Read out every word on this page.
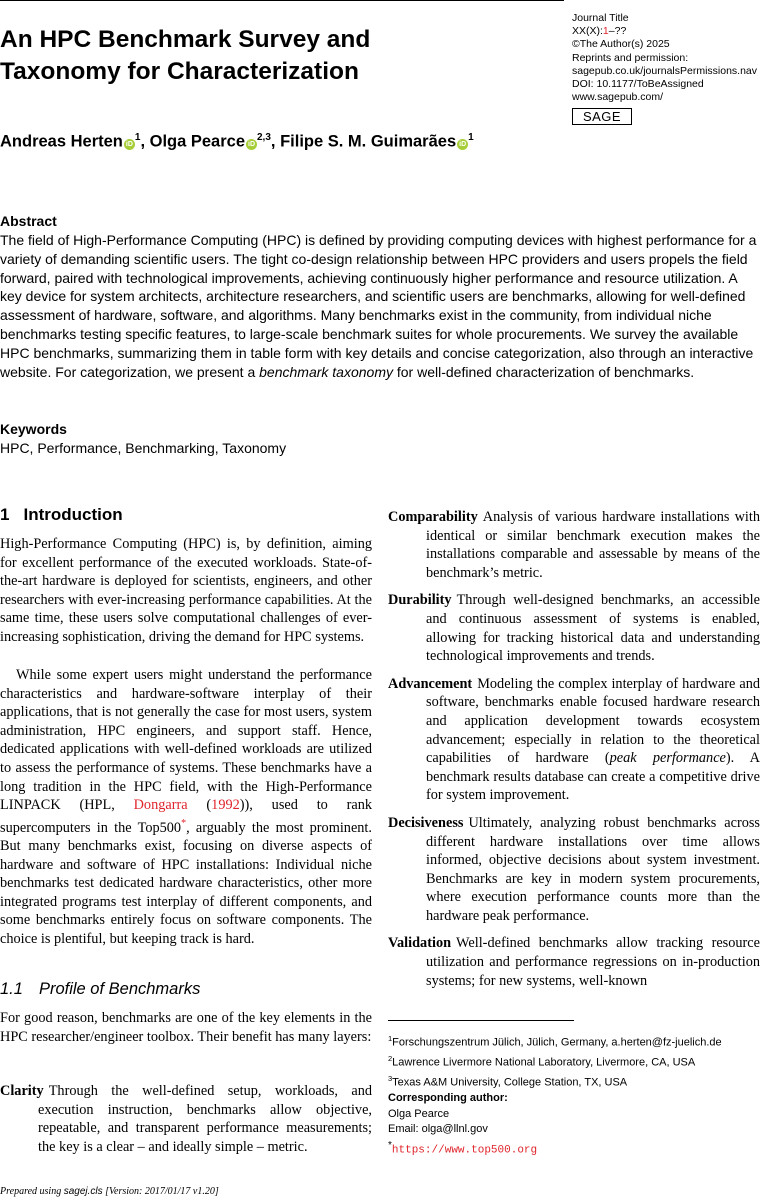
Journal Title
XX(X):1–??
©The Author(s) 2025
Reprints and permission:
sagepub.co.uk/journalsPermissions.nav
DOI: 10.1177/ToBeAssigned
www.sagepub.com/
SAGE
An HPC Benchmark Survey and
Taxonomy for Characterization
Andreas Herten $iD^1$, Olga Pearce iD$^{2,3}$, Filipe S. M. Guimarães $iD^1$
Abstract

The field of High-Performance Computing (HPC) is defined by providing computing devices with highest performance for a variety of demanding scientific users. The tight co-design relationship between HPC providers and users propels the field forward, paired with technological improvements, achieving continuously higher performance and resource utilization. A key device for system architects, architecture researchers, and scientific users are benchmarks, allowing for well-defined assessment of hardware, software, and algorithms. Many benchmarks exist in the community, from individual niche benchmarks testing specific features, to large-scale benchmark suites for whole procurements. We survey the available HPC benchmarks, summarizing them in table form with key details and concise categorization, also through an interactive website. For categorization, we present a benchmark taxonomy for well-defined characterization of benchmarks.

Keywords
HPC, Performance, Benchmarking, Taxonomy
1 Introduction

High-Performance Computing (HPC) is, by definition, aiming for excellent performance of the executed workloads. State-of-the-art hardware is deployed for scientists, engineers, and other researchers with ever-increasing performance capabilities. At the same time, these users solve computational challenges of ever-increasing sophistication, driving the demand for HPC systems.

While some expert users might understand the performance characteristics and hardware-software interplay of their applications, that is not generally the case for most users, system administration, HPC engineers, and support staff. Hence, dedicated applications with well-defined workloads are utilized to assess the performance of systems. These benchmarks have a long tradition in the HPC field, with the High-Performance LINPACK (HPL, Dongarra (1992)), used to rank supercomputers in the Top500*, arguably the most prominent. But many benchmarks exist, focusing on diverse aspects of hardware and software of HPC installations: Individual niche benchmarks test dedicated hardware characteristics, other more integrated programs test interplay of different components, and some benchmarks entirely focus on software components. The choice is plentiful, but keeping track is hard.

1.1 Profile of Benchmarks

For good reason, benchmarks are one of the key elements in the HPC researcher/engineer toolbox. Their benefit has many layers:

Clarity Through the well-defined setup, workloads, and execution instruction, benchmarks allow objective, repeatable, and transparent performance measurements; the key is a clear – and ideally simple – metric.

Comparability Analysis of various hardware installations with identical or similar benchmark execution makes the installations comparable and assessable by means of the benchmark’s metric.

Durability Through well-designed benchmarks, an accessible and continuous assessment of systems is enabled, allowing for tracking historical data and understanding technological improvements and trends.

Advancement Modeling the complex interplay of hardware and software, benchmarks enable focused hardware research and application development towards ecosystem advancement; especially in relation to the theoretical capabilities of hardware (peak performance). A benchmark results database can create a competitive drive for system improvement.

Decisiveness Ultimately, analyzing robust benchmarks across different hardware installations over time allows informed, objective decisions about system investment. Benchmarks are key in modern system procurements, where execution performance counts more than the hardware peak performance.

Validation Well-defined benchmarks allow tracking resource utilization and performance regressions on in-production systems; for new systems, well-known

$^1$Forschungszentrum Jülich, Jülich, Germany, a.herten@fz-juelich.de
$^2$Lawrence Livermore National Laboratory, Livermore, CA, USA
$^3$Texas A&M University, College Station, TX, USA
Corresponding author:
Olga Pearce
Email: olga@llnl.gov
*https://www.top500.org
Prepared using sagej.cls [Version: 2017/01/17 v1.20]
